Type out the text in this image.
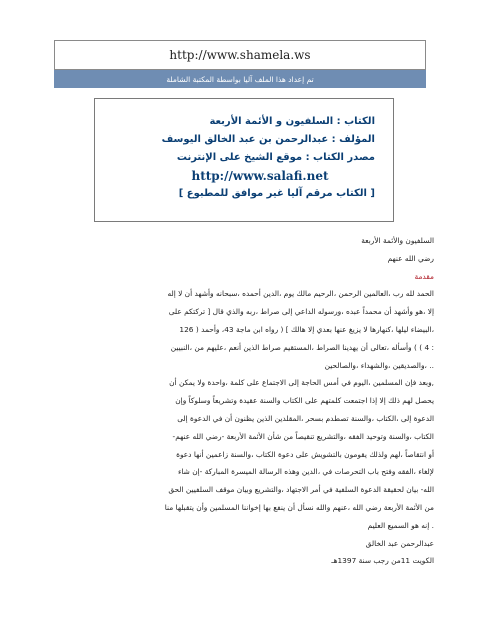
http://www.shamela.ws
تم إعداد هذا الملف آليا بواسطة المكتبة الشاملة
الكتاب : السلفيون و الأئمة الأربعة
المؤلف : عبدالرحمن بن عبد الخالق اليوسف
مصدر الكتاب : موقع الشيخ على الإنترنت
http://www.salafi.net
[ الكتاب مرقم آليا غير موافق للمطبوع ]

السلفيون والأئمة الأربعة

رضي الله عنهم

مقدمة

الحمد لله رب ،العالمين الرحمن ،الرحيم مالك يوم ،الدين أحمده ،سبحانه وأشهد أن لا إله

إلا ،هو وأشهد أن محمداً عبده ،ورسوله الداعي إلى صراط ،ربه والذي قال [ تركتكم على

،البيضاء ليلها ،كنهارها لا يزيغ عنها بعدي إلا هالك ] ( رواه ابن ماجة 43، وأحمد ( 126

: 4 ) ) وأسأله ،تعالى أن يهدينا الصراط ،المستقيم صراط الذين أنعم ،عليهم من ،النبيين

.. ،والصديقين ،والشهداء ،والصالحين

,وبعد فإن المسلمين ،اليوم في أمس الحاجة إلى الاجتماع على كلمة ،واحدة ولا يمكن أن

يحصل لهم ذلك إلا إذا اجتمعت كلمتهم على الكتاب والسنة عقيدة وتشريعاً وسلوكاً وإن

الدعوة إلى ،الكتاب ،والسنة تصطدم بسحر ،المقلدين الذين يظنون أن في الدعوة إلى

الكتاب ،والسنة وتوحيد الفقه ،والتشريع تنقيصاً من شأن الأئمة الأربعة -رضي الله عنهم-

أو انتقاصاً ،لهم ولذلك يقومون بالتشويش على دعوة الكتاب ،والسنة زاعمين أنها دعوة

لإلغاء ،الفقه وفتح باب التحرصات في ،الدين وهذه الرسالة الميسرة المباركة -إن شاء

الله- بيان لحقيقة الدعوة السلفية في أمر الاجتهاد ،والتشريع وبيان موقف السلفيين الحق

من الأئمة الأربعة رضي الله ،عنهم والله نسأل أن ينفع بها إخواننا المسلمين وأن يتقبلها منا

. إنه هو السميع العليم

عبدالرحمن عبد الخالق

الكويت 11من رجب سنة 1397هـ
